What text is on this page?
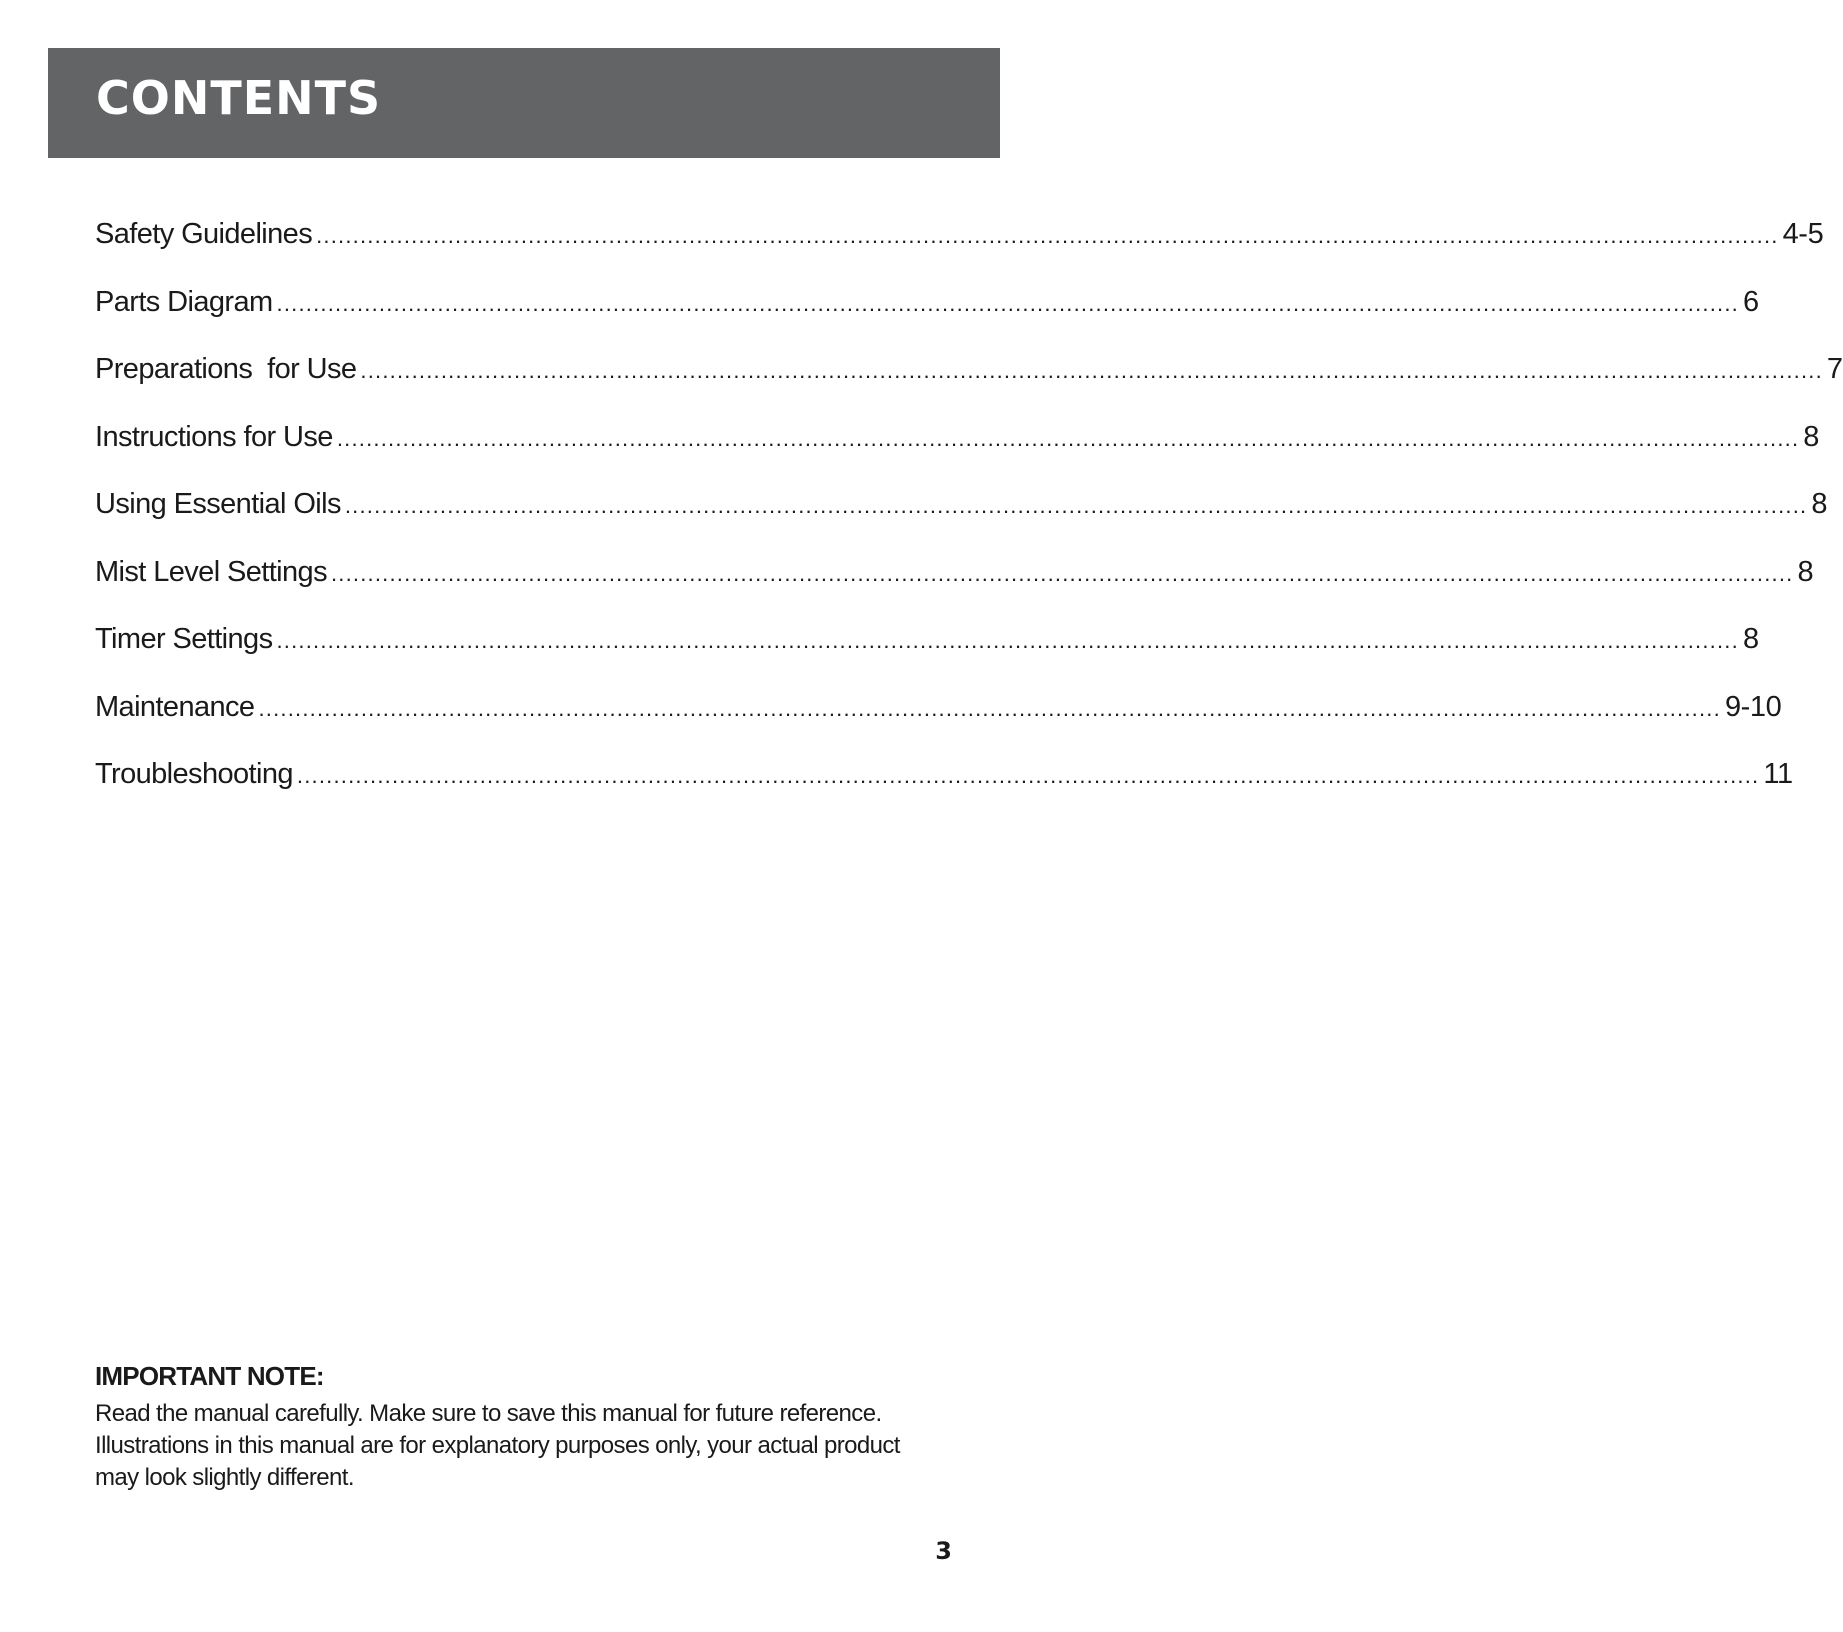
CONTENTS
Safety Guidelines ........................................................................................................................................................................................................ 4-5
Parts Diagram ........................................................................................................................................................................................................ 6
Preparations  for Use ........................................................................................................................................................................................................ 7
Instructions for Use ........................................................................................................................................................................................................ 8
Using Essential Oils ........................................................................................................................................................................................................ 8
Mist Level Settings ........................................................................................................................................................................................................ 8
Timer Settings ........................................................................................................................................................................................................ 8
Maintenance ........................................................................................................................................................................................................ 9-10
Troubleshooting ........................................................................................................................................................................................................ 11
IMPORTANT NOTE:

Read the manual carefully. Make sure to save this manual for future reference.
Illustrations in this manual are for explanatory purposes only, your actual product
may look slightly different.

3
